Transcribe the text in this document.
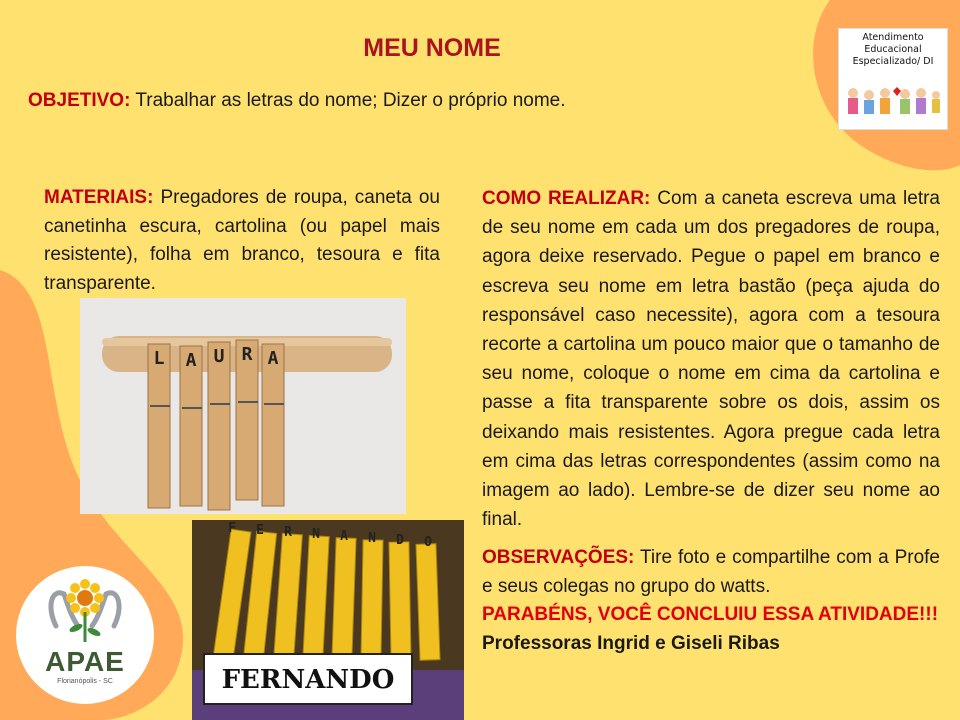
MEU NOME
OBJETIVO: Trabalhar as letras do nome; Dizer o próprio nome.
MATERIAIS: Pregadores de roupa, caneta ou canetinha escura, cartolina (ou papel mais resistente), folha em branco, tesoura e fita transparente.

COMO REALIZAR: Com a caneta escreva uma letra de seu nome em cada um dos pregadores de roupa, agora deixe reservado. Pegue o papel em branco e escreva seu nome em letra bastão (peça ajuda do responsável caso necessite), agora com a tesoura recorte a cartolina um pouco maior que o tamanho de seu nome, coloque o nome em cima da cartolina e passe a fita transparente sobre os dois, assim os deixando mais resistentes. Agora pregue cada letra em cima das letras correspondentes (assim como na imagem ao lado). Lembre-se de dizer seu nome ao final.

OBSERVAÇÕES: Tire foto e compartilhe com a Profe e seus colegas no grupo do watts.

PARABÉNS, VOCÊ CONCLUIU ESSA ATIVIDADE!!!

Professoras Ingrid e Giseli Ribas

Atendimento
Educacional
Especializado/ DI
L A U R A
F E R N A N D O
FERNANDO
APAE
Florianópolis - SC
